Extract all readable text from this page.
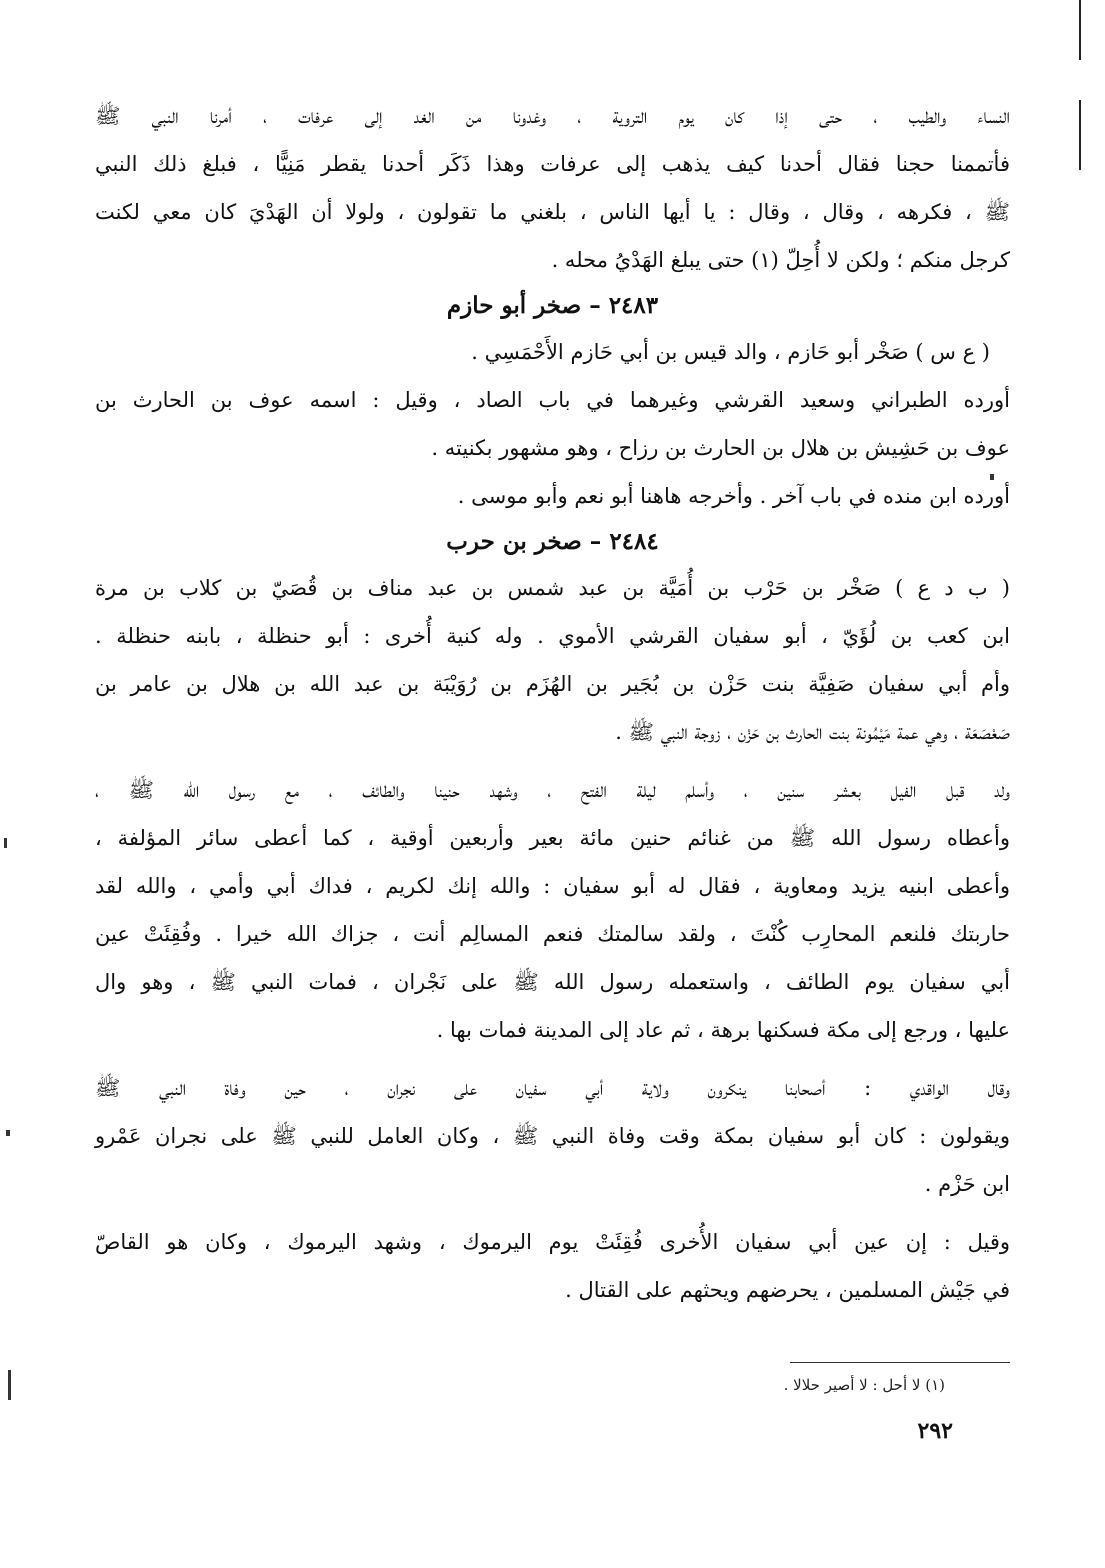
النساء والطيب ، حتى إذا كان يوم التروية ، وغدونا من الغد إلى عرفات ، أمرنا النبي ﷺ
فأتممنا حجنا فقال أحدنا كيف يذهب إلى عرفات وهذا ذَكَر أحدنا يقطر مَنِيًّا ، فبلغ ذلك النبي
ﷺ ، فكرهه ، وقال ، وقال : يا أيها الناس ، بلغني ما تقولون ، ولولا أن الهَدْيَ كان معي لكنت
كرجل منكم ؛ ولكن لا أُحِلّ (١) حتى يبلغ الهَدْيُ محله .

٢٤٨٣ – صخر أبو حازم

( ع س ) صَخْر أبو حَازم ، والد قيس بن أبي حَازم الأَحْمَسِي .

أورده الطبراني وسعيد القرشي وغيرهما في باب الصاد ، وقيل : اسمه عوف بن الحارث بن
عوف بن حَشِيش بن هلال بن الحارث بن رزاح ، وهو مشهور بكنيته .

أورده ابن منده في باب آخر . وأخرجه هاهنا أبو نعم وأبو موسى .

٢٤٨٤ – صخر بن حرب

( ب د ع ) صَخْر بن حَرْب بن أُمَيَّة بن عبد شمس بن عبد مناف بن قُصَيّ بن كلاب بن مرة
ابن كعب بن لُؤَيّ ، أبو سفيان القرشي الأموي . وله كنية أُخرى : أبو حنظلة ، بابنه حنظلة .
وأم أبي سفيان صَفِيَّة بنت حَزْن بن بُجَير بن الهُزَم بن رُوَيْبَة بن عبد الله بن هلال بن عامر بن
صَعْصَعَة ، وهي عمة مَيْمُونة بنت الحارث بن حَزْن ، زوجة النبي ﷺ .

ولد قبل الفيل بعشر سنين ، وأسلم ليلة الفتح ، وشهد حنينا والطائف ، مع رسول الله ﷺ ،
وأعطاه رسول الله ﷺ من غنائم حنين مائة بعير وأربعين أوقية ، كما أعطى سائر المؤلفة ،
وأعطى ابنيه يزيد ومعاوية ، فقال له أبو سفيان : والله إنك لكريم ، فداك أبي وأمي ، والله لقد
حاربتك فلنعم المحارِب كُنْتَ ، ولقد سالمتك فنعم المسالِم أنت ، جزاك الله خيرا . وفُقِئَتْ عين
أبي سفيان يوم الطائف ، واستعمله رسول الله ﷺ على نَجْران ، فمات النبي ﷺ ، وهو وال
عليها ، ورجع إلى مكة فسكنها برهة ، ثم عاد إلى المدينة فمات بها .

وقال الواقدي : أصحابنا ينكرون ولاية أبي سفيان على نجران ، حين وفاة النبي ﷺ
ويقولون : كان أبو سفيان بمكة وقت وفاة النبي ﷺ ، وكان العامل للنبي ﷺ على نجران عَمْرو
ابن حَزْم .

وقيل : إن عين أبي سفيان الأُخرى فُقِئَتْ يوم اليرموك ، وشهد اليرموك ، وكان هو القاصّ
في جَيْش المسلمين ، يحرضهم ويحثهم على القتال .

(١) لا أحل : لا أصير حلالا .
٢٩٢
